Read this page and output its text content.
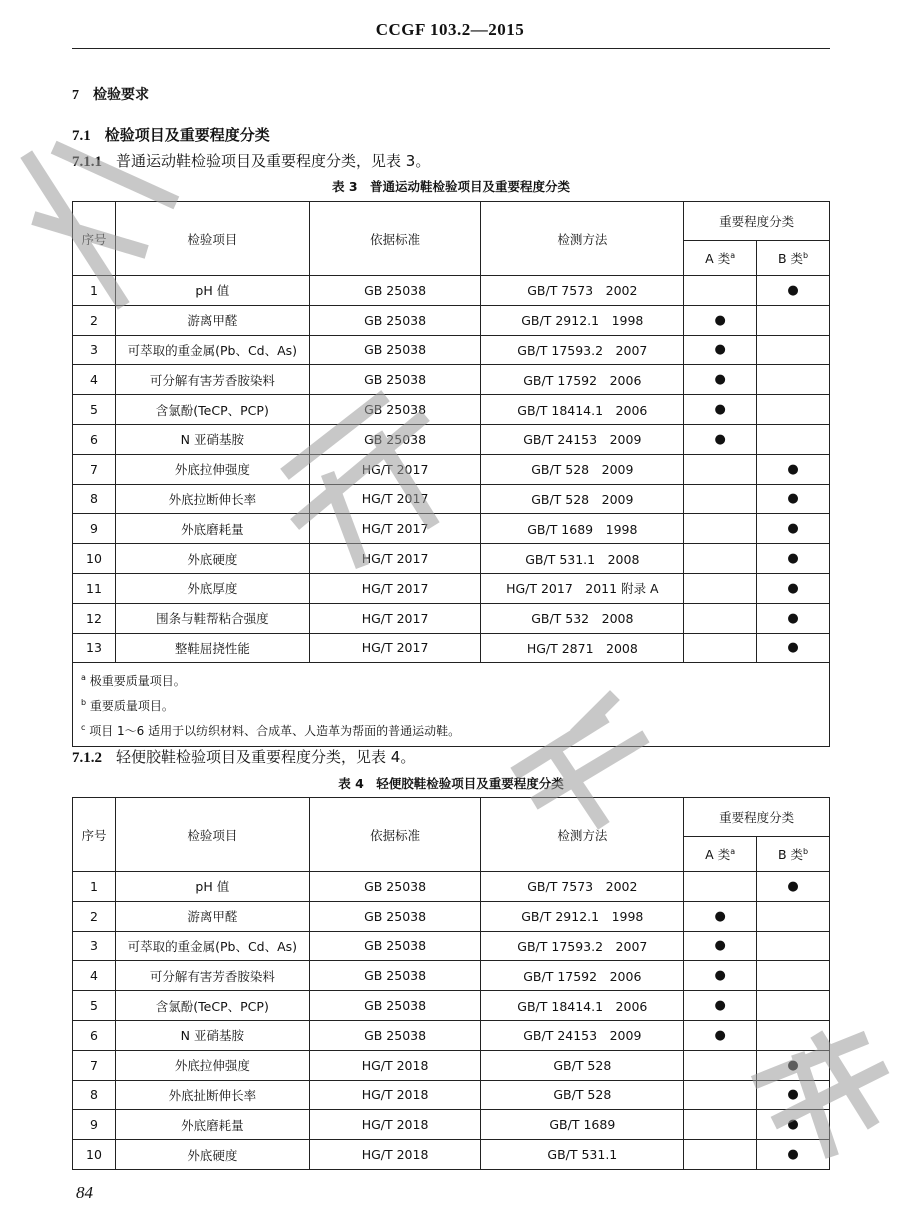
CCGF 103.2—2015
7 检验要求
7.1 检验项目及重要程度分类
7.1.1 普通运动鞋检验项目及重要程度分类，见表 3。
表 3　普通运动鞋检验项目及重要程度分类
序号	检验项目	依据标准	检测方法	重要程度分类	
				A 类$^a$	B 类$^b$
1	pH 值	GB 25038	GB/T 7573　2002		●
2	游离甲醛	GB 25038	GB/T 2912.1　1998	●	
3	可萃取的重金属(Pb、Cd、As)	GB 25038	GB/T 17593.2　2007	●	
4	可分解有害芳香胺染料	GB 25038	GB/T 17592　2006	●	
5	含氯酚(TeCP、PCP)	GB 25038	GB/T 18414.1　2006	●	
6	N 亚硝基胺	GB 25038	GB/T 24153　2009	●	
7	外底拉伸强度	HG/T 2017	GB/T 528　2009		●
8	外底拉断伸长率	HG/T 2017	GB/T 528　2009		●
9	外底磨耗量	HG/T 2017	GB/T 1689　1998		●
10	外底硬度	HG/T 2017	GB/T 531.1　2008		●
11	外底厚度	HG/T 2017	HG/T 2017　2011 附录 A		●
12	围条与鞋帮粘合强度	HG/T 2017	GB/T 532　2008		●
13	整鞋屈挠性能	HG/T 2017	HG/T 2871　2008		●

$^a$ 极重要质量项目。
$^b$ 重要质量项目。
$^c$ 项目 1～6 适用于以纺织材料、合成革、人造革为帮面的普通运动鞋。					
7.1.2 轻便胶鞋检验项目及重要程度分类，见表 4。
表 4　轻便胶鞋检验项目及重要程度分类
序号	检验项目	依据标准	检测方法	重要程度分类	
				A 类$^a$	B 类$^b$
1	pH 值	GB 25038	GB/T 7573　2002		●
2	游离甲醛	GB 25038	GB/T 2912.1　1998	●	
3	可萃取的重金属(Pb、Cd、As)	GB 25038	GB/T 17593.2　2007	●	
4	可分解有害芳香胺染料	GB 25038	GB/T 17592　2006	●	
5	含氯酚(TeCP、PCP)	GB 25038	GB/T 18414.1　2006	●	
6	N 亚硝基胺	GB 25038	GB/T 24153　2009	●	
7	外底拉伸强度	HG/T 2018	GB/T 528		●
8	外底扯断伸长率	HG/T 2018	GB/T 528		●
9	外底磨耗量	HG/T 2018	GB/T 1689		●
10	外底硬度	HG/T 2018	GB/T 531.1		●
84
